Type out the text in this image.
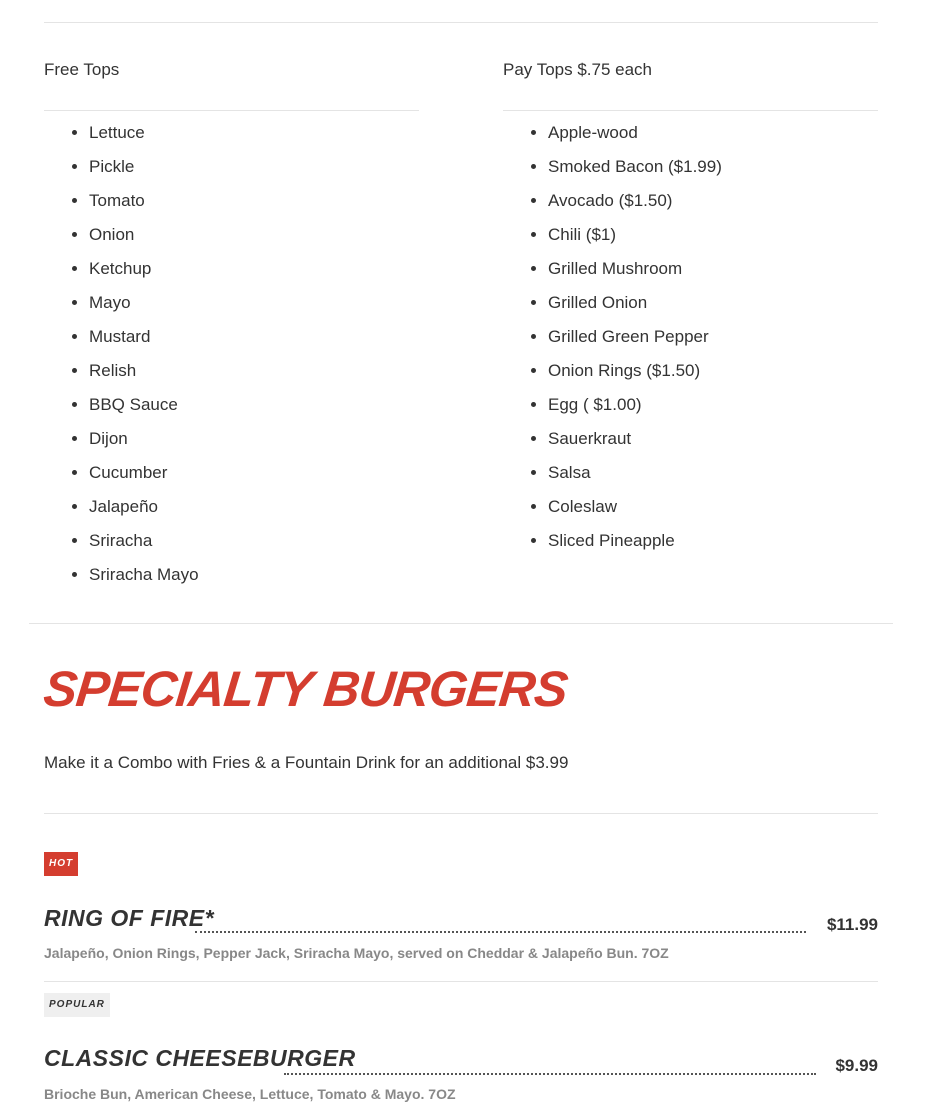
Free Tops
• Lettuce
• Pickle
• Tomato
• Onion
• Ketchup
• Mayo
• Mustard
• Relish
• BBQ Sauce
• Dijon
• Cucumber
• Jalapeño
• Sriracha
• Sriracha Mayo
Pay Tops $.75 each
• Apple-wood
• Smoked Bacon ($1.99)
• Avocado ($1.50)
• Chili ($1)
• Grilled Mushroom
• Grilled Onion
• Grilled Green Pepper
• Onion Rings ($1.50)
• Egg ( $1.00)
• Sauerkraut
• Salsa
• Coleslaw
• Sliced Pineapple
SPECIALTY BURGERS
Make it a Combo with Fries & a Fountain Drink for an additional $3.99
HOT
RING OF FIRE*	$11.99
Jalapeño, Onion Rings, Pepper Jack, Sriracha Mayo, served on Cheddar & Jalapeño Bun. 7OZ
POPULAR
CLASSIC CHEESEBURGER	$9.99
Brioche Bun, American Cheese, Lettuce, Tomato & Mayo. 7OZ
